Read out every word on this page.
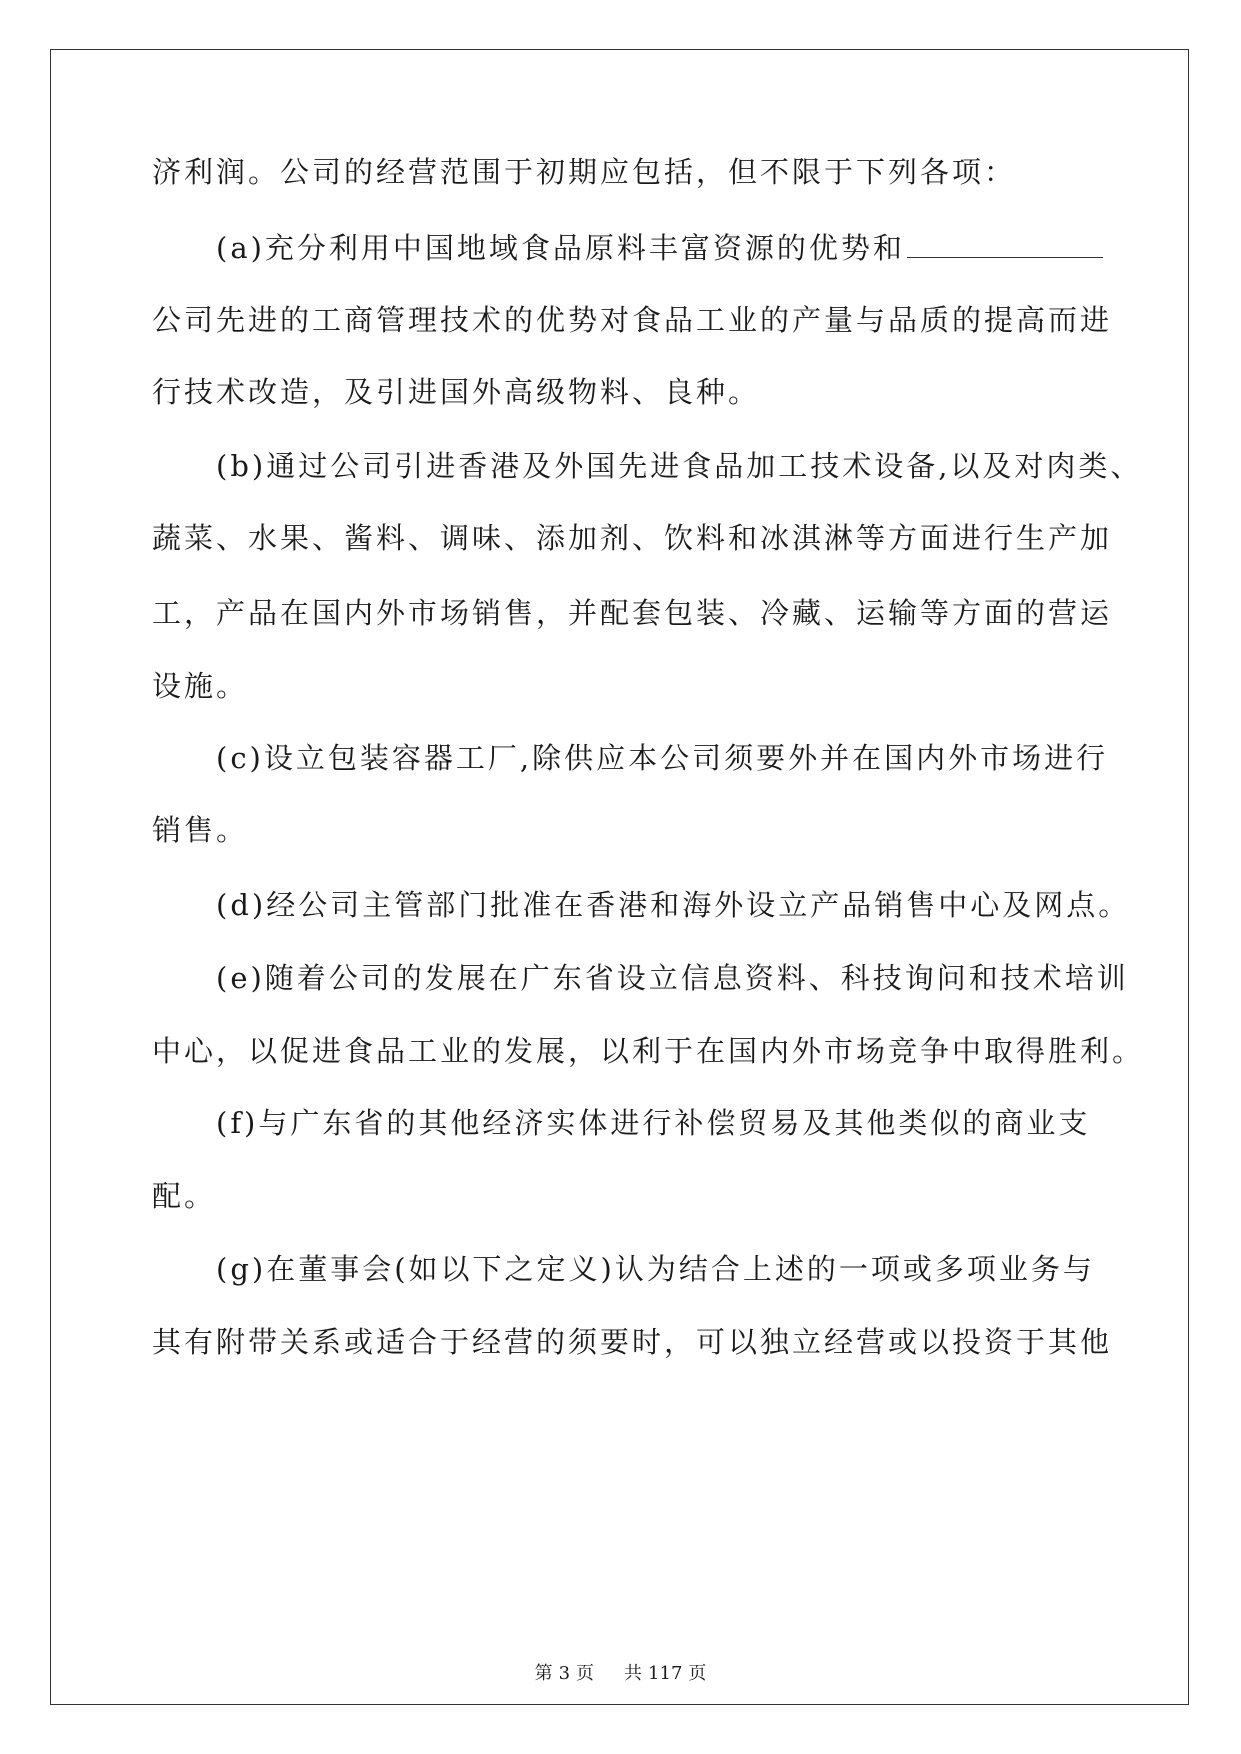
济利润。公司的经营范围于初期应包括，但不限于下列各项：
(a)充分利用中国地域食品原料丰富资源的优势和
公司先进的工商管理技术的优势对食品工业的产量与品质的提高而进
行技术改造，及引进国外高级物料、良种。
(b)通过公司引进香港及外国先进食品加工技术设备,以及对肉类、
蔬菜、水果、酱料、调味、添加剂、饮料和冰淇淋等方面进行生产加
工，产品在国内外市场销售，并配套包装、冷藏、运输等方面的营运
设施。
(c)设立包装容器工厂,除供应本公司须要外并在国内外市场进行
销售。
(d)经公司主管部门批准在香港和海外设立产品销售中心及网点。
(e)随着公司的发展在广东省设立信息资料、科技询问和技术培训
中心，以促进食品工业的发展，以利于在国内外市场竞争中取得胜利。
(f)与广东省的其他经济实体进行补偿贸易及其他类似的商业支
配。
(g)在董事会(如以下之定义)认为结合上述的一项或多项业务与
其有附带关系或适合于经营的须要时，可以独立经营或以投资于其他
第 3 页 共 117 页
